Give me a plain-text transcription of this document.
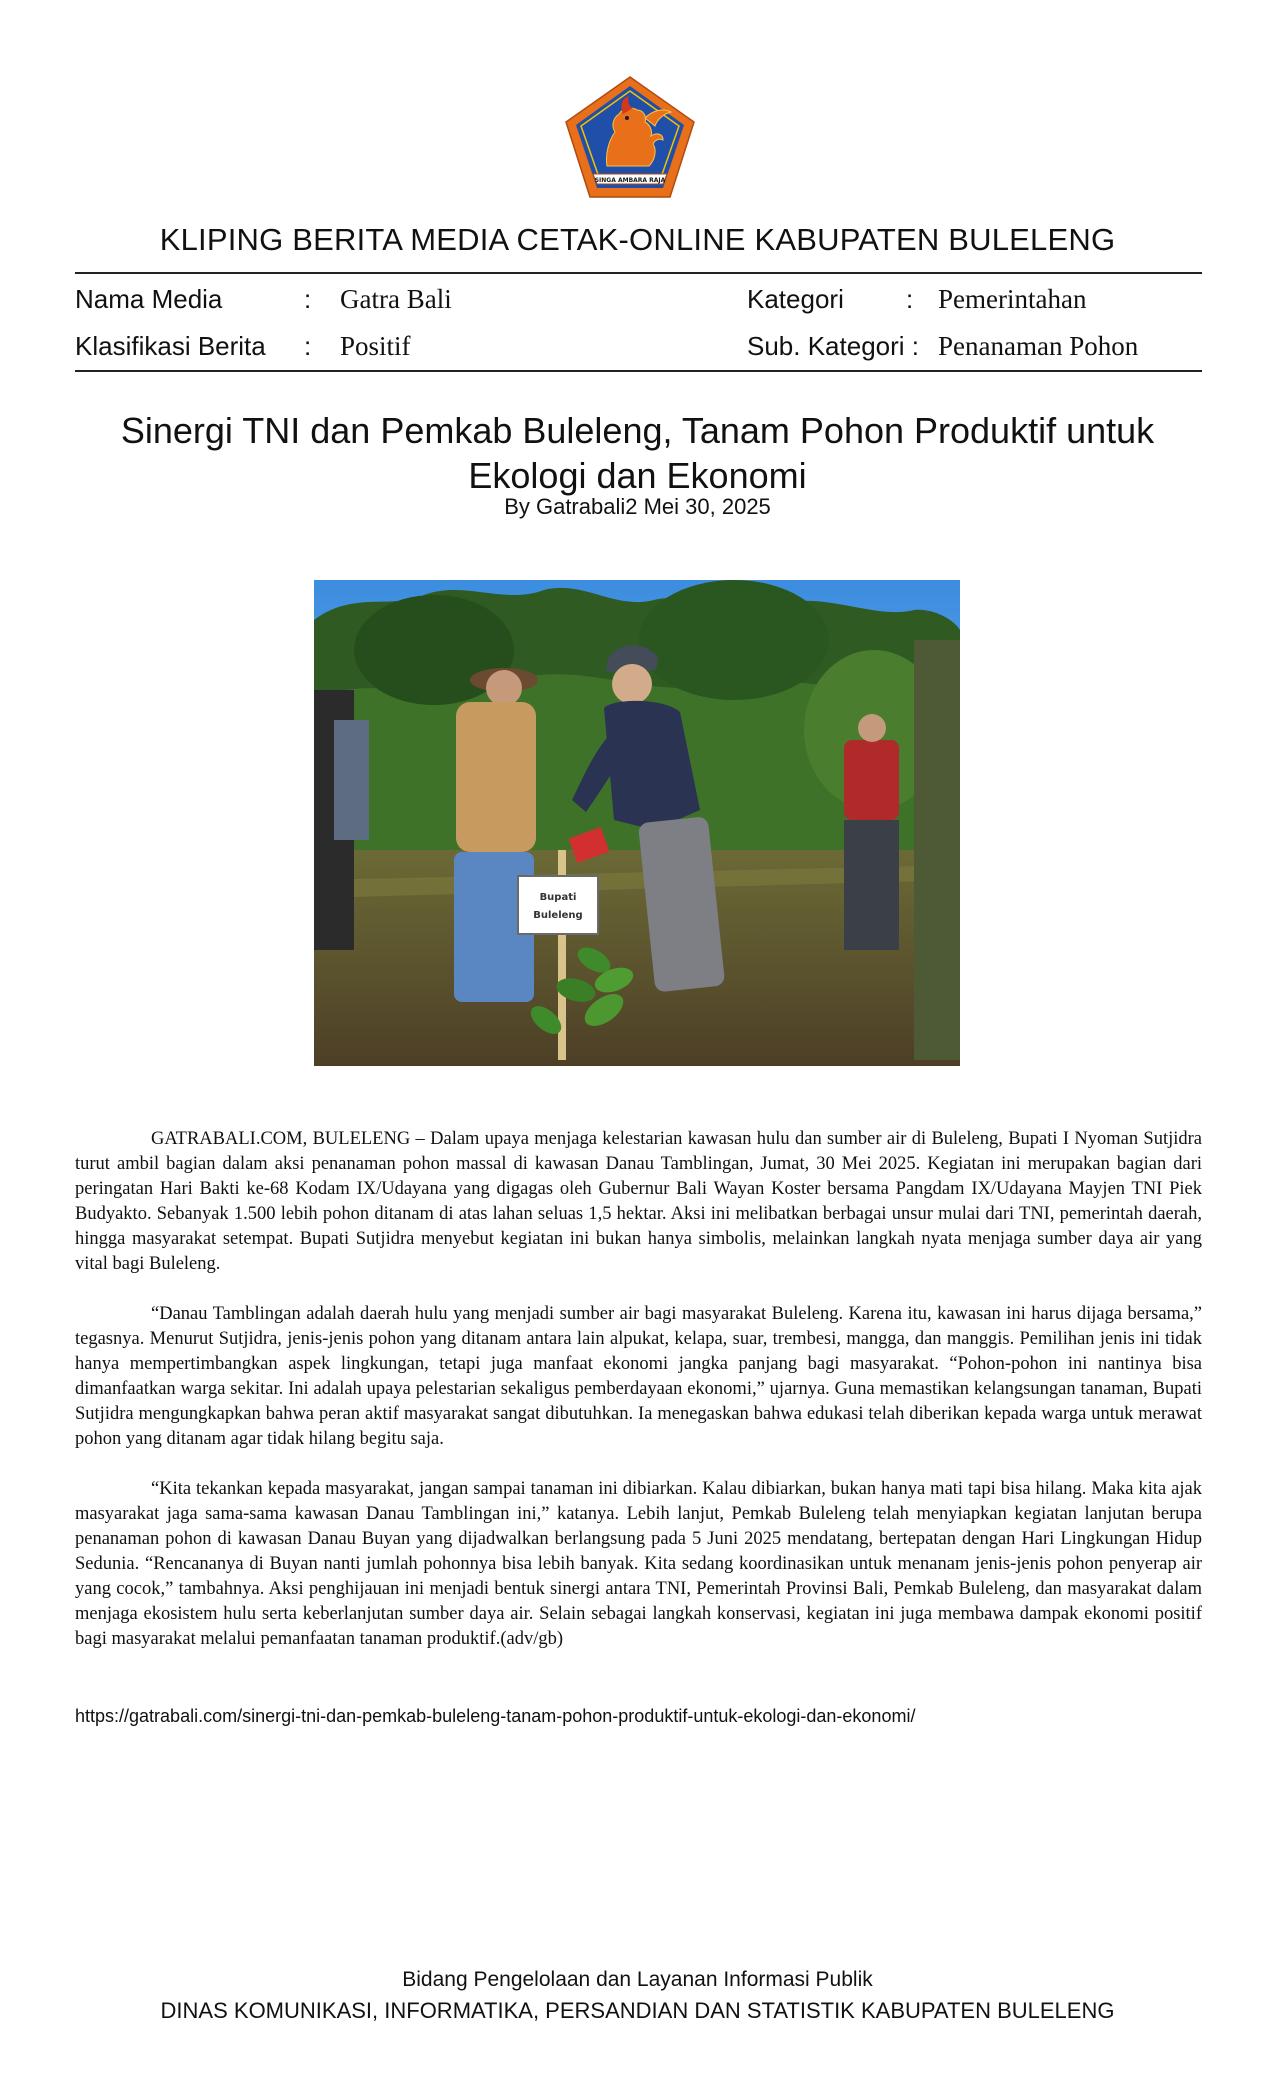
SINGA AMBARA RAJA
KLIPING BERITA MEDIA CETAK-ONLINE KABUPATEN BULELENG
Nama Media	: Gatra Bali
Klasifikasi Berita : Positif
Kategori : Pemerintahan
Sub. Kategori : Penanaman Pohon
Sinergi TNI dan Pemkab Buleleng, Tanam Pohon Produktif untuk Ekologi dan Ekonomi
By Gatrabali2 Mei 30, 2025
Bupati
Buleleng

GATRABALI.COM, BULELENG – Dalam upaya menjaga kelestarian kawasan hulu dan sumber air di Buleleng, Bupati I Nyoman Sutjidra turut ambil bagian dalam aksi penanaman pohon massal di kawasan Danau Tamblingan, Jumat, 30 Mei 2025. Kegiatan ini merupakan bagian dari peringatan Hari Bakti ke-68 Kodam IX/Udayana yang digagas oleh Gubernur Bali Wayan Koster bersama Pangdam IX/Udayana Mayjen TNI Piek Budyakto. Sebanyak 1.500 lebih pohon ditanam di atas lahan seluas 1,5 hektar. Aksi ini melibatkan berbagai unsur mulai dari TNI, pemerintah daerah, hingga masyarakat setempat. Bupati Sutjidra menyebut kegiatan ini bukan hanya simbolis, melainkan langkah nyata menjaga sumber daya air yang vital bagi Buleleng.

“Danau Tamblingan adalah daerah hulu yang menjadi sumber air bagi masyarakat Buleleng. Karena itu, kawasan ini harus dijaga bersama,” tegasnya. Menurut Sutjidra, jenis-jenis pohon yang ditanam antara lain alpukat, kelapa, suar, trembesi, mangga, dan manggis. Pemilihan jenis ini tidak hanya mempertimbangkan aspek lingkungan, tetapi juga manfaat ekonomi jangka panjang bagi masyarakat. “Pohon-pohon ini nantinya bisa dimanfaatkan warga sekitar. Ini adalah upaya pelestarian sekaligus pemberdayaan ekonomi,” ujarnya. Guna memastikan kelangsungan tanaman, Bupati Sutjidra mengungkapkan bahwa peran aktif masyarakat sangat dibutuhkan. Ia menegaskan bahwa edukasi telah diberikan kepada warga untuk merawat pohon yang ditanam agar tidak hilang begitu saja.

“Kita tekankan kepada masyarakat, jangan sampai tanaman ini dibiarkan. Kalau dibiarkan, bukan hanya mati tapi bisa hilang. Maka kita ajak masyarakat jaga sama-sama kawasan Danau Tamblingan ini,” katanya. Lebih lanjut, Pemkab Buleleng telah menyiapkan kegiatan lanjutan berupa penanaman pohon di kawasan Danau Buyan yang dijadwalkan berlangsung pada 5 Juni 2025 mendatang, bertepatan dengan Hari Lingkungan Hidup Sedunia. “Rencananya di Buyan nanti jumlah pohonnya bisa lebih banyak. Kita sedang koordinasikan untuk menanam jenis-jenis pohon penyerap air yang cocok,” tambahnya. Aksi penghijauan ini menjadi bentuk sinergi antara TNI, Pemerintah Provinsi Bali, Pemkab Buleleng, dan masyarakat dalam menjaga ekosistem hulu serta keberlanjutan sumber daya air. Selain sebagai langkah konservasi, kegiatan ini juga membawa dampak ekonomi positif bagi masyarakat melalui pemanfaatan tanaman produktif.(adv/gb)

https://gatrabali.com/sinergi-tni-dan-pemkab-buleleng-tanam-pohon-produktif-untuk-ekologi-dan-ekonomi/
Bidang Pengelolaan dan Layanan Informasi Publik
DINAS KOMUNIKASI, INFORMATIKA, PERSANDIAN DAN STATISTIK KABUPATEN BULELENG
